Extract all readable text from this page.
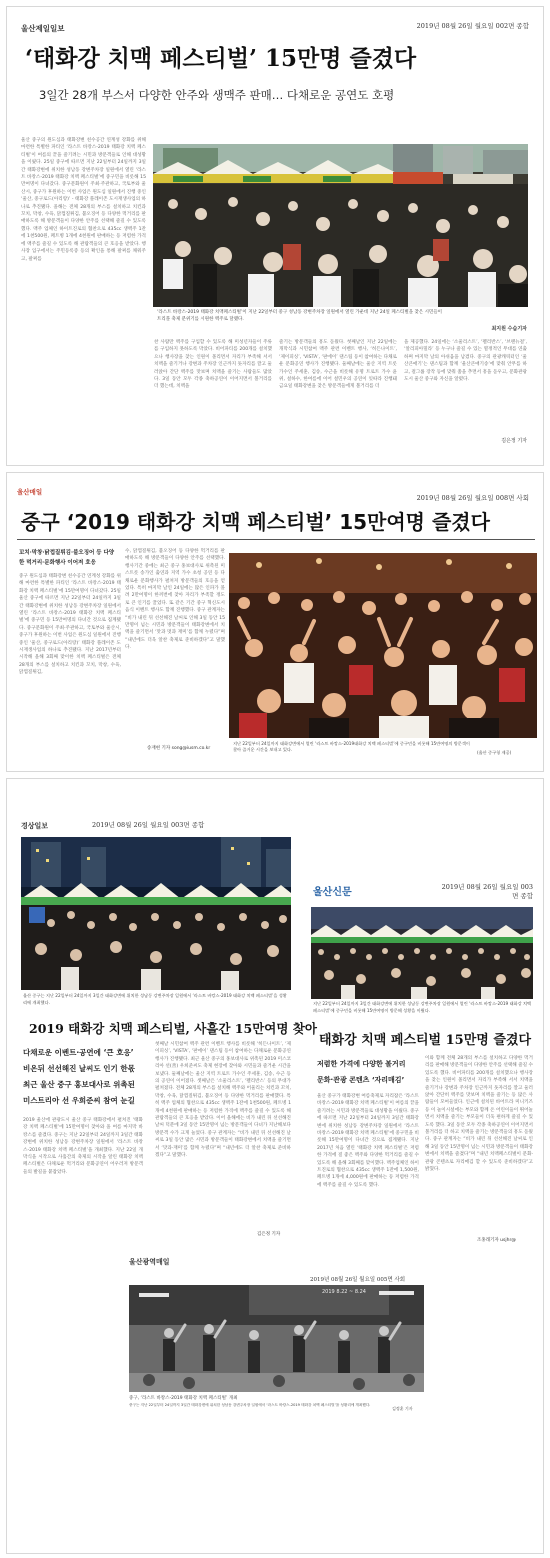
울산제일일보	2019년 08월 26일 월요일 002면 종합
‘태화강 치맥 페스티벌’ 15만명 즐겼다
3일간 28개 부스서 다양한 안주와 생맥주 판매… 다채로운 공연도 호평
울산 중구의 원도심과 태화강변 친수공간 연계성 강화를 위해 마련한 특별한 파티인 ‘라스트 바캉스-2019 태화강 치맥 페스티벌’이 여름의 끝을 즐기려는 시민과 방문객들로 인해 대성황을 이뤘다. 25일 중구에 따르면 지난 22일부터 24일까지 3일간 태화강변에 위치한 성남동 강변주차장 일원에서 열린 ‘라스트 바캉스-2019 태화강 치맥 페스티벌’에 중구민을 비롯해 15만여명이 다녀갔다. 중구문화원이 주최·주관하고, 국토부와 울산시, 중구가 후원하는 이번 사업은 원도심 일원에서 진행 중인 ‘울산, 중구로드(아리랑)’ - 태화강 플레이존 도시재생사업의 하나로 추진됐다. 올해는 전체 28개의 부스를 설치하고 치킨과 꼬치, 막창, 수육, 닭껍질튀김, 불오징어 등 다양한 먹거리를 판매하도록 해 방문객들이 다양한 안주를 선택해 즐길 수 있도록 했다. 맥주 업체인 하이트진로의 협찬으로 435cc 생맥주 1잔에 1천500원, 페트병 1개에 4천원에 판매하는 등 저렴한 가격에 맥주를 즐길 수 있도록 해 관람객들의 큰 호응을 받았다. 행사장 입구에서는 주민등록증 등의 확인을 통해 팔찌를 채워주고, 팔찌를
‘라스트 바캉스-2019 태화강 치맥페스티벌’이 지난 22일부터 중구 성남동 강변주차장 일원에서 열린 가운데 지난 24일 페스티벌을 찾은 시민들이 트리플 축제 분위기를 시원한 맥주로 달랬다.
최지원 수습기자
찬 사람만 맥주를 구입할 수 있도록 해 미성년자들이 주류를 구입하지 못하도록 막았다. 비어파티를 200개를 설치했으나 행사장을 찾는 인원이 몰리면서 자리가 부족해 서서 치맥을 즐기거나 강변과 주차장 인근까지 돗자리를 깔고 둘러앉아 간단 맥주를 맛보며 치맥을 즐기는 사람들도 많았다. 3일 동안 모두 각종 축하공연이 이어지면서 볼거리를 더 했는데, 치맥을
즐기는 방문객들의 흥도 돋웠다. 첫째날인 지난 22일에는 개막식과 시민참여 맥주 관련 이벤트 행사, ‘히든나이트’, ‘제이피싱’, ‘VISTA’, ‘판에이’ 댄스팀 등이 참여하는 다채로운 문화공연 행사가 진행됐다. 둘째날에는 울산 지역 트롯가수인 주세훈, 김송, 수근을 비롯해 유명 트로트 가수 윤위, 설하수, 한여름에 이어 설민우의 공연이 잇따라 진행돼 금요일 태화강변을 찾은 방문객들에게 볼거리를 더
을 제공했다. 24일에는 ‘소울리스트’, ‘펠리반스’, ‘브랜뉴걸’, ‘알리피아밀라’ 등 누구나 즐길 수 있는 열정적인 무대를 연출하며 마지막 날의 아쉬움을 남겼다. 중구의 관광캐릭터인 ‘울산큰애기’는 댄스팀과 함께 ‘울산큰애기송’에 맞춰 안무를 하고, 걸그룹 장작 등에 맞춰 춤을 추면서 흥을 돋우고, 문화관광도시 울산 중구와 자신을 알렸다.
김은정 기자
울산매일
2019년 08월 26일 월요일 008면 사회
중구 ‘2019 태화강 치맥 페스티벌’ 15만여명 즐겼다
꼬치·막창·닭껍질튀김·불오징어 등 다양한 먹거리·문화행사 이어져 호응
중구 원도심과 태화강변 친수공간 연계성 강화를 위해 마련한 특별한 파티인 ‘라스트 바캉스-2019 태화강 치맥 페스티벌’에 15만여명이 다녀갔다. 25일 울산 중구에 따르면 지난 22일부터 24일까지 3일간 태화강변에 위치한 성남동 강변주차장 일원에서 열린 ‘라스트 바캉스-2019 태화강 치맥 페스티벌’에 중구민 등 15만여명의 다녀간 것으로 집계됐다. 중구문화원이 주최·주관하고, 국토부와 울산시, 중구가 후원하는 이번 사업은 원도심 일원에서 진행 중인 ‘울산, 중구로드(아리랑)’ 태화강 플레이존 도시재생사업의 하나로 추진됐다. 지난 2017년부터 시작해 올해 3회째 맞이한 치맥 페스티벌은 전체 28개의 부스를 설치하고 치킨과 꼬치, 막창, 수육, 닭껍질튀김,
수, 닭껍질튀김, 불오징어 등 다양한 먹거리를 판매하도록 해 방문객들이 다양한 안주를 선택했다. 행사기간 중에는 최근 중구 홍보대사로 위촉된 미스트롯 송가인 출연과 지역 가수 초청 공연 등 다채로운 문화행사가 펼쳐져 방문객들의 호응을 얻었다. 특히 마지막 날인 24일에는 많은 인파가 몰려 2만여명이 한꺼번에 찾아 자리가 부족할 정도로 큰 인기를 끌었다. 또 같은 기간 중구 혁신도시 음식 이벤트 행사도 함께 진행했다. 중구 관계자는 “비가 내린 뒤 선선해진 날씨로 인해 3일 동안 15만명이 넘는 시민과 방문객들이 태화강변에서 치맥을 즐기면서 ‘맛과 멋과 재미’를 함께 누렸다”며 “내년에도 더욱 알찬 축제로 준비하겠다”고 말했다.
송재현 기자 song@iusm.co.kr
지난 22일부터 24일까지 태화강변에서 열린 ‘라스트 바캉스-2019태화강 치맥 페스티벌’에 중구민을 비롯해 15만여명의 방문객이 찾아 즐거운 시간을 보내고 있다.
(울산 중구청 제공)
경상일보	2019년 08월 26일 월요일 003면 종합
울산 중구는 지난 22일부터 24일까지 3일간 태화강변에 위치한 성남동 강변주차장 일원에서 ‘라스트 바캉스-2019 태화강 치맥 페스티벌’을 성황리에 개최했다.
2019 태화강 치맥 페스티벌, 사흘간 15만여명 찾아
다채로운 이벤트·공연에 ‘큰 호응’
비온뒤 선선해진 날씨도 인기 한몫
최근 울산 중구 홍보대사로 위촉된
미스트리아 선 우희준씨 참여 눈길
2019 울산에 관광도시 울산 중구 태화강에서 펼쳐진 ‘태화강 치맥 페스티벌’에 15만여명이 찾아와 올 여름 마지막 바캉스를 즐겼다. 중구는 지난 22일부터 24일까지 3일간 태화강변에 위치한 성남동 강변주차장 일원에서 ‘라스트 바캉스-2019 태화강 치맥 페스티벌’을 개최했다. 지난 22일 개막식을 시작으로 사흘간의 축제의 시작을 알린 태화강 치맥 페스티벌은 다채로운 먹거리와 문화공연이 어우러져 방문객들의 발길을 붙잡았다.
첫째날 시민참여 맥주 관련 이벤트 행사를 비롯해 ‘히든나이트’, ‘제이피싱’, ‘VISTA’, ‘판에이’ 댄스팀 등이 참여하는 다채로운 문화공연 행사가 진행됐다. 최근 울산 중구의 홍보대사로 위촉된 2019 미스코리아 선(善) 우희준씨도 축제 현장에 찾아와 시민들과 즐거운 시간을 보냈다. 둘째날에는 울산 지역 트로트 가수인 주세훈, 김송, 수근 등의 공연이 이어졌다. 셋째날은 ‘소울리스트’, ‘펠리반스’ 등의 무대가 펼쳐졌다. 전체 28개의 부스를 설치해 맥주와 어울리는 치킨과 꼬치, 막창, 수육, 닭껍질튀김, 불오징어 등 다양한 먹거리를 판매했다. 특히 맥주 업체의 협찬으로 435cc 생맥주 1잔에 1천500원, 페트병 1개에 4천원에 판매하는 등 저렴한 가격에 맥주를 즐길 수 있도록 해 관람객들의 큰 호응을 받았다. 이어 올해에는 비가 내린 뒤 선선해진 날씨 덕분에 3일 동안 15만명이 넘는 방문객들이 다녀가 지난해보다 방문객 수가 크게 늘었다. 중구 관계자는 “비가 내린 뒤 선선해진 날씨로 3일 동안 많은 시민과 방문객들이 태화강변에서 치맥을 즐기면서 ‘맛과·재미’를 함께 누렸다”며 “내년에도 더 알찬 축제로 준비하겠다”고 말했다.
김은정 기자
울산신문	2019년 08월 26일 월요일 003면 종합
지난 22일부터 24일까지 3일간 태화강변에 위치한 성남동 강변주차장 일원에서 열린 ‘라스트 바캉스-2019 태화강 치맥 페스티벌’에 중구민을 비롯해 15만여명이 방문해 성황을 이뤘다.
태화강 치맥 페스티벌 15만명 즐겼다
저렴한 가격에 다양한 볼거리
문화·관광 콘텐츠 ‘자리매김’
울산 중구가 태화강변 여름축제로 자리잡은 ‘라스트 바캉스-2019 태화강 치맥 페스티벌’이 여름의 끝을 즐기려는 시민과 방문객들로 대성황을 이뤘다. 중구에 따르면 지난 22일부터 24일까지 3일간 태화강변에 위치한 성남동 강변주차장 일원에서 ‘라스트 바캉스-2019 태화강 치맥 페스티벌’에 중구민을 비롯해 15만여명이 다녀간 것으로 집계됐다. 지난 2017년 처음 열린 ‘태화강 치맥 페스티벌’은 저렴한 가격에 질 좋은 맥주와 다양한 먹거리를 즐길 수 있도록 해 올해 3회째를 맞이했다. 맥주업체인 하이트진로의 협찬으로 435cc 생맥주 1잔에 1,500원, 페트병 1개에 4,000원에 판매하는 등 저렴한 가격에 맥주를 즐길 수 있도록 했다.
이와 함께 전체 28개의 부스를 설치하고 다양한 먹거리를 판매해 방문객들이 다양한 안주를 선택해 즐길 수 있도록 했다. 비어파티를 200개를 설치했으나 행사장을 찾는 인원이 몰리면서 자리가 부족해 서서 치맥을 즐기거나 강변과 주차장 인근까지 돗자리를 깔고 둘러앉아 간단히 맥주를 맛보며 치맥을 즐기는 등 많은 사람들이 모여들었다. 인근에 설치된 바어트라 미니키즈 등 이 놀이시설에는 부모와 함께 온 어린이들이 뛰어놀면서 치맥을 즐기는 부모들이 더욱 편하게 즐길 수 있도록 했다. 3일 동안 모두 각종 축하공연이 이어지면서 볼거리를 더 하고 치맥을 즐기는 방문객들의 흥도 돋웠다. 중구 관계자는 “비가 내린 뒤 선선해진 날씨로 인해 3일 동안 15만명이 넘는 시민과 방문객들이 태화강변에서 치맥을 즐겼다”며 “내년 치맥페스티벌이 문화·관광 콘텐츠로 자리매김 할 수 있도록 준비하겠다”고 밝혔다.
조홍래기자 usjhr@
울산광역매일
2019년 08월 26일 월요일 005면 사회
2019 8.22 ~ 8.24
중구, ‘라스트 바캉스-2019 태화강 치맥 페스티벌’ 개최
중구는 지난 22일부터 24일까지 3일간 태화강변에 위치한 성남동 강변주차장 일원에서 ‘라스트 바캉스-2019 태화강 치맥 페스티벌’을 성황리에 개최했다.
김정훈 기자
